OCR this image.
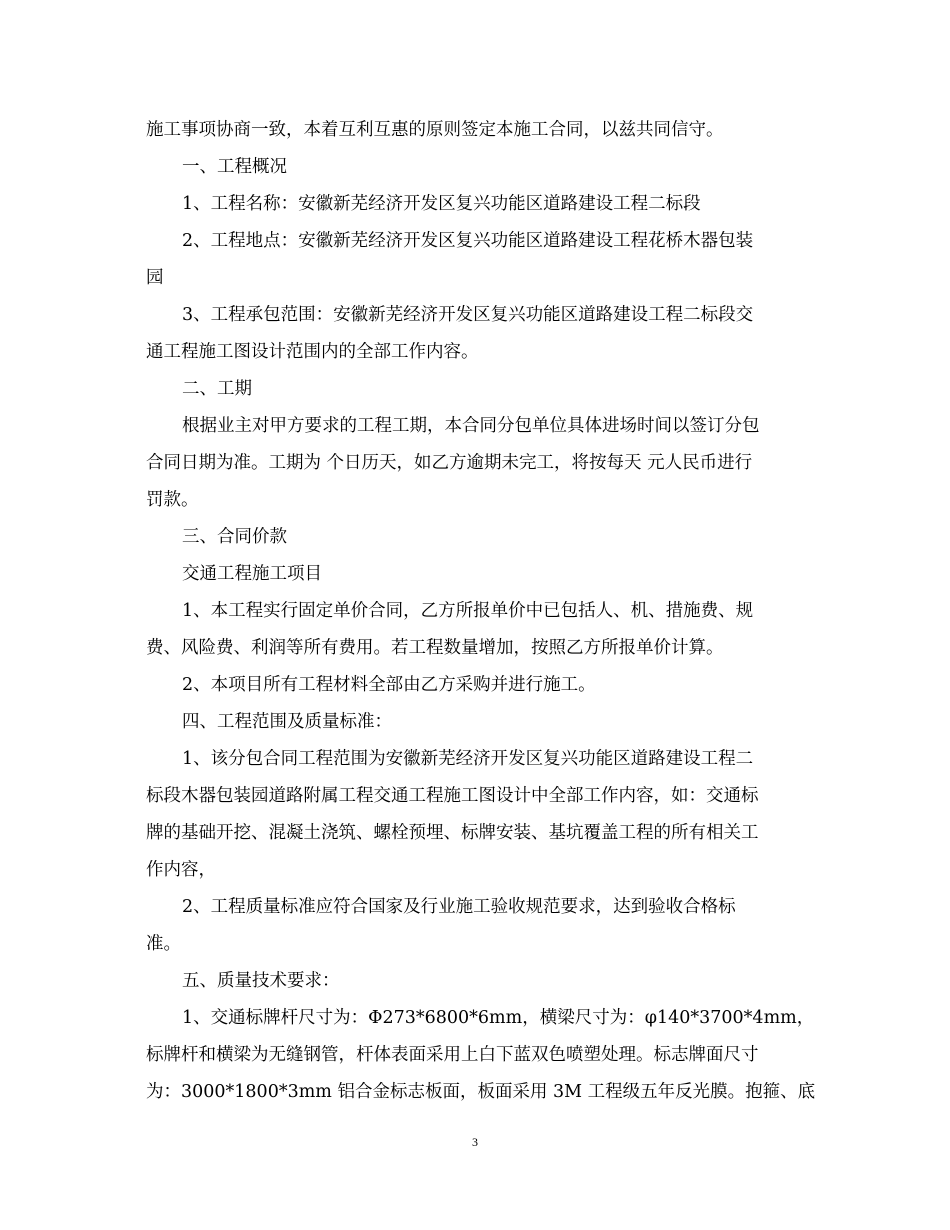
施工事项协商一致，本着互利互惠的原则签定本施工合同，以兹共同信守。
一、工程概况
1、工程名称：安徽新芜经济开发区复兴功能区道路建设工程二标段
2、工程地点：安徽新芜经济开发区复兴功能区道路建设工程花桥木器包装
园
3、工程承包范围：安徽新芜经济开发区复兴功能区道路建设工程二标段交
通工程施工图设计范围内的全部工作内容。
二、工期
根据业主对甲方要求的工程工期，本合同分包单位具体进场时间以签订分包
合同日期为准。工期为 个日历天，如乙方逾期未完工，将按每天 元人民币进行
罚款。
三、合同价款
交通工程施工项目
1、本工程实行固定单价合同，乙方所报单价中已包括人、机、措施费、规
费、风险费、利润等所有费用。若工程数量增加，按照乙方所报单价计算。
2、本项目所有工程材料全部由乙方采购并进行施工。
四、工程范围及质量标准：
1、该分包合同工程范围为安徽新芜经济开发区复兴功能区道路建设工程二
标段木器包装园道路附属工程交通工程施工图设计中全部工作内容，如：交通标
牌的基础开挖、混凝土浇筑、螺栓预埋、标牌安装、基坑覆盖工程的所有相关工
作内容，
2、工程质量标准应符合国家及行业施工验收规范要求，达到验收合格标
准。
五、质量技术要求：
1、交通标牌杆尺寸为：Φ273*6800*6mm，横梁尺寸为：φ140*3700*4mm，
标牌杆和横梁为无缝钢管，杆体表面采用上白下蓝双色喷塑处理。标志牌面尺寸
为：3000*1800*3mm 铝合金标志板面，板面采用 3M 工程级五年反光膜。抱箍、底
3
